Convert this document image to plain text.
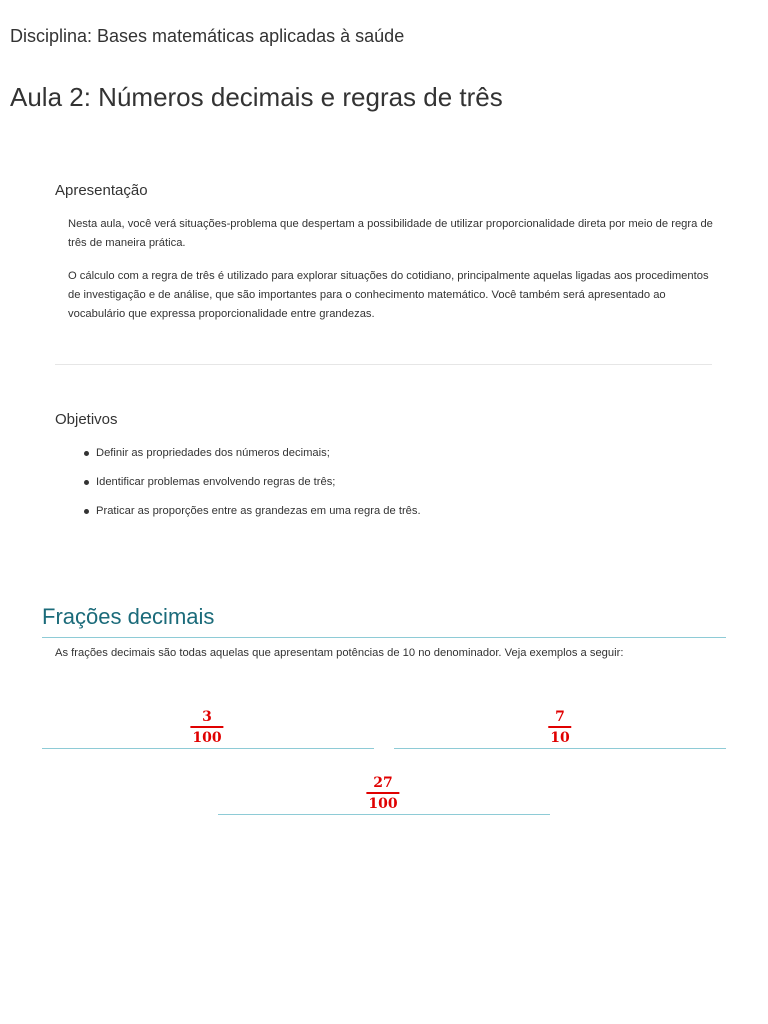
Disciplina: Bases matemáticas aplicadas à saúde
Aula 2: Números decimais e regras de três
Apresentação

Nesta aula, você verá situações-problema que despertam a possibilidade de utilizar proporcionalidade direta por meio de regra de três de maneira prática.

O cálculo com a regra de três é utilizado para explorar situações do cotidiano, principalmente aquelas ligadas aos procedimentos de investigação e de análise, que são importantes para o conhecimento matemático. Você também será apresentado ao vocabulário que expressa proporcionalidade entre grandezas.

Objetivos
Definir as propriedades dos números decimais;
Identificar problemas envolvendo regras de três;
Praticar as proporções entre as grandezas em uma regra de três.
Frações decimais
As frações decimais são todas aquelas que apresentam potências de 10 no denominador. Veja exemplos a seguir:
3
100
7
10
27
100
